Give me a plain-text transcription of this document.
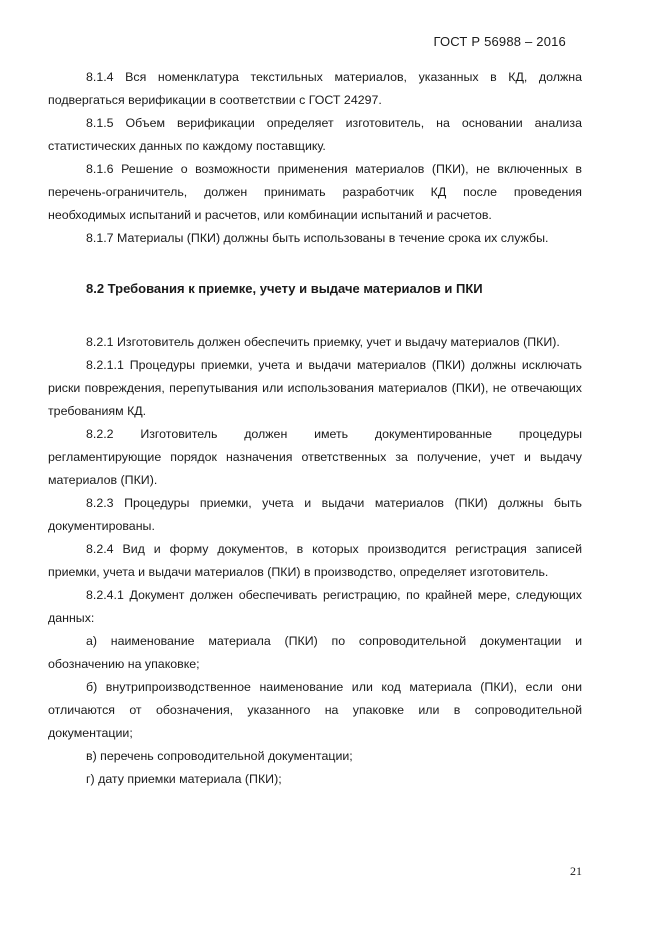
ГОСТ Р 56988 – 2016

8.1.4 Вся номенклатура текстильных материалов, указанных в КД, должна подвергаться верификации в соответствии с ГОСТ 24297.

8.1.5 Объем верификации определяет изготовитель, на основании анализа статистических данных по каждому поставщику.

8.1.6 Решение о возможности применения материалов (ПКИ), не включенных в перечень-ограничитель, должен принимать разработчик КД после проведения необходимых испытаний и расчетов, или комбинации испытаний и расчетов.

8.1.7 Материалы (ПКИ) должны быть использованы в течение срока их службы.

8.2 Требования к приемке, учету и выдаче материалов и ПКИ

8.2.1 Изготовитель должен обеспечить приемку, учет и выдачу материалов (ПКИ).

8.2.1.1 Процедуры приемки, учета и выдачи материалов (ПКИ) должны исключать риски повреждения, перепутывания или использования материалов (ПКИ), не отвечающих требованиям КД.

8.2.2 Изготовитель должен иметь документированные процедуры регламентирующие порядок назначения ответственных за получение, учет и выдачу материалов (ПКИ).

8.2.3 Процедуры приемки, учета и выдачи материалов (ПКИ) должны быть документированы.

8.2.4 Вид и форму документов, в которых производится регистрация записей приемки, учета и выдачи материалов (ПКИ) в производство, определяет изготовитель.

8.2.4.1 Документ должен обеспечивать регистрацию, по крайней мере, следующих данных:

а) наименование материала (ПКИ) по сопроводительной документации и обозначению на упаковке;

б) внутрипроизводственное наименование или код материала (ПКИ), если они отличаются от обозначения, указанного на упаковке или в сопроводительной документации;

в) перечень сопроводительной документации;

г) дату приемки материала (ПКИ);

21
